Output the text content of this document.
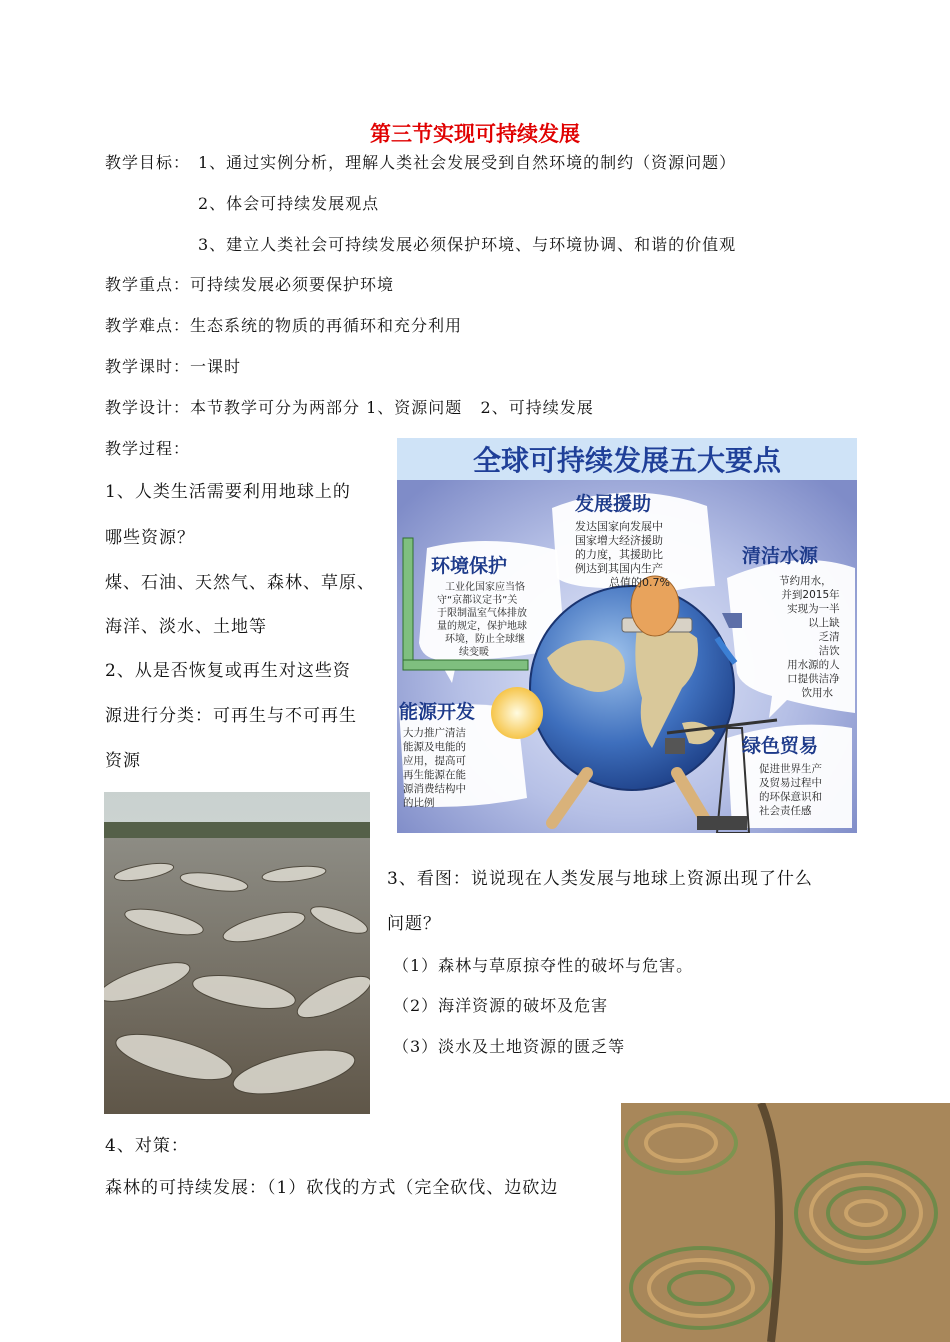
第三节实现可持续发展
教学目标： 1、通过实例分析，理解人类社会发展受到自然环境的制约（资源问题）
2、体会可持续发展观点
3、建立人类社会可持续发展必须保护环境、与环境协调、和谐的价值观
教学重点：可持续发展必须要保护环境
教学难点：生态系统的物质的再循环和充分利用
教学课时：一课时
教学设计：本节教学可分为两部分 1、资源问题   2、可持续发展
教学过程：
1、人类生活需要利用地球上的
哪些资源？
煤、石油、天然气、森林、草原、
海洋、淡水、土地等
2、从是否恢复或再生对这些资
源进行分类：可再生与不可再生
资源
全球可持续发展五大要点
发展援助
发达国家向发展中 国家增大经济援助 的力度，其援助比 例达到其国内生产 总值的0.7%
环境保护
工业化国家应当恪 守“京都议定书”关 于限制温室气体排放 量的规定，保护地球 环境，防止全球继 续变暖
清洁水源
节约用水， 并到2015年 实现为一半 以上缺 乏清 洁饮 用水源的人 口提供洁净 饮用水
能源开发
大力推广清洁 能源及电能的 应用，提高可 再生能源在能 源消费结构中 的比例
绿色贸易
促进世界生产 及贸易过程中 的环保意识和 社会责任感
3、看图：说说现在人类发展与地球上资源出现了什么
问题？
（1）森林与草原掠夺性的破坏与危害。
（2）海洋资源的破坏及危害
（3）淡水及土地资源的匮乏等
4、对策：
森林的可持续发展：（1）砍伐的方式（完全砍伐、边砍边
